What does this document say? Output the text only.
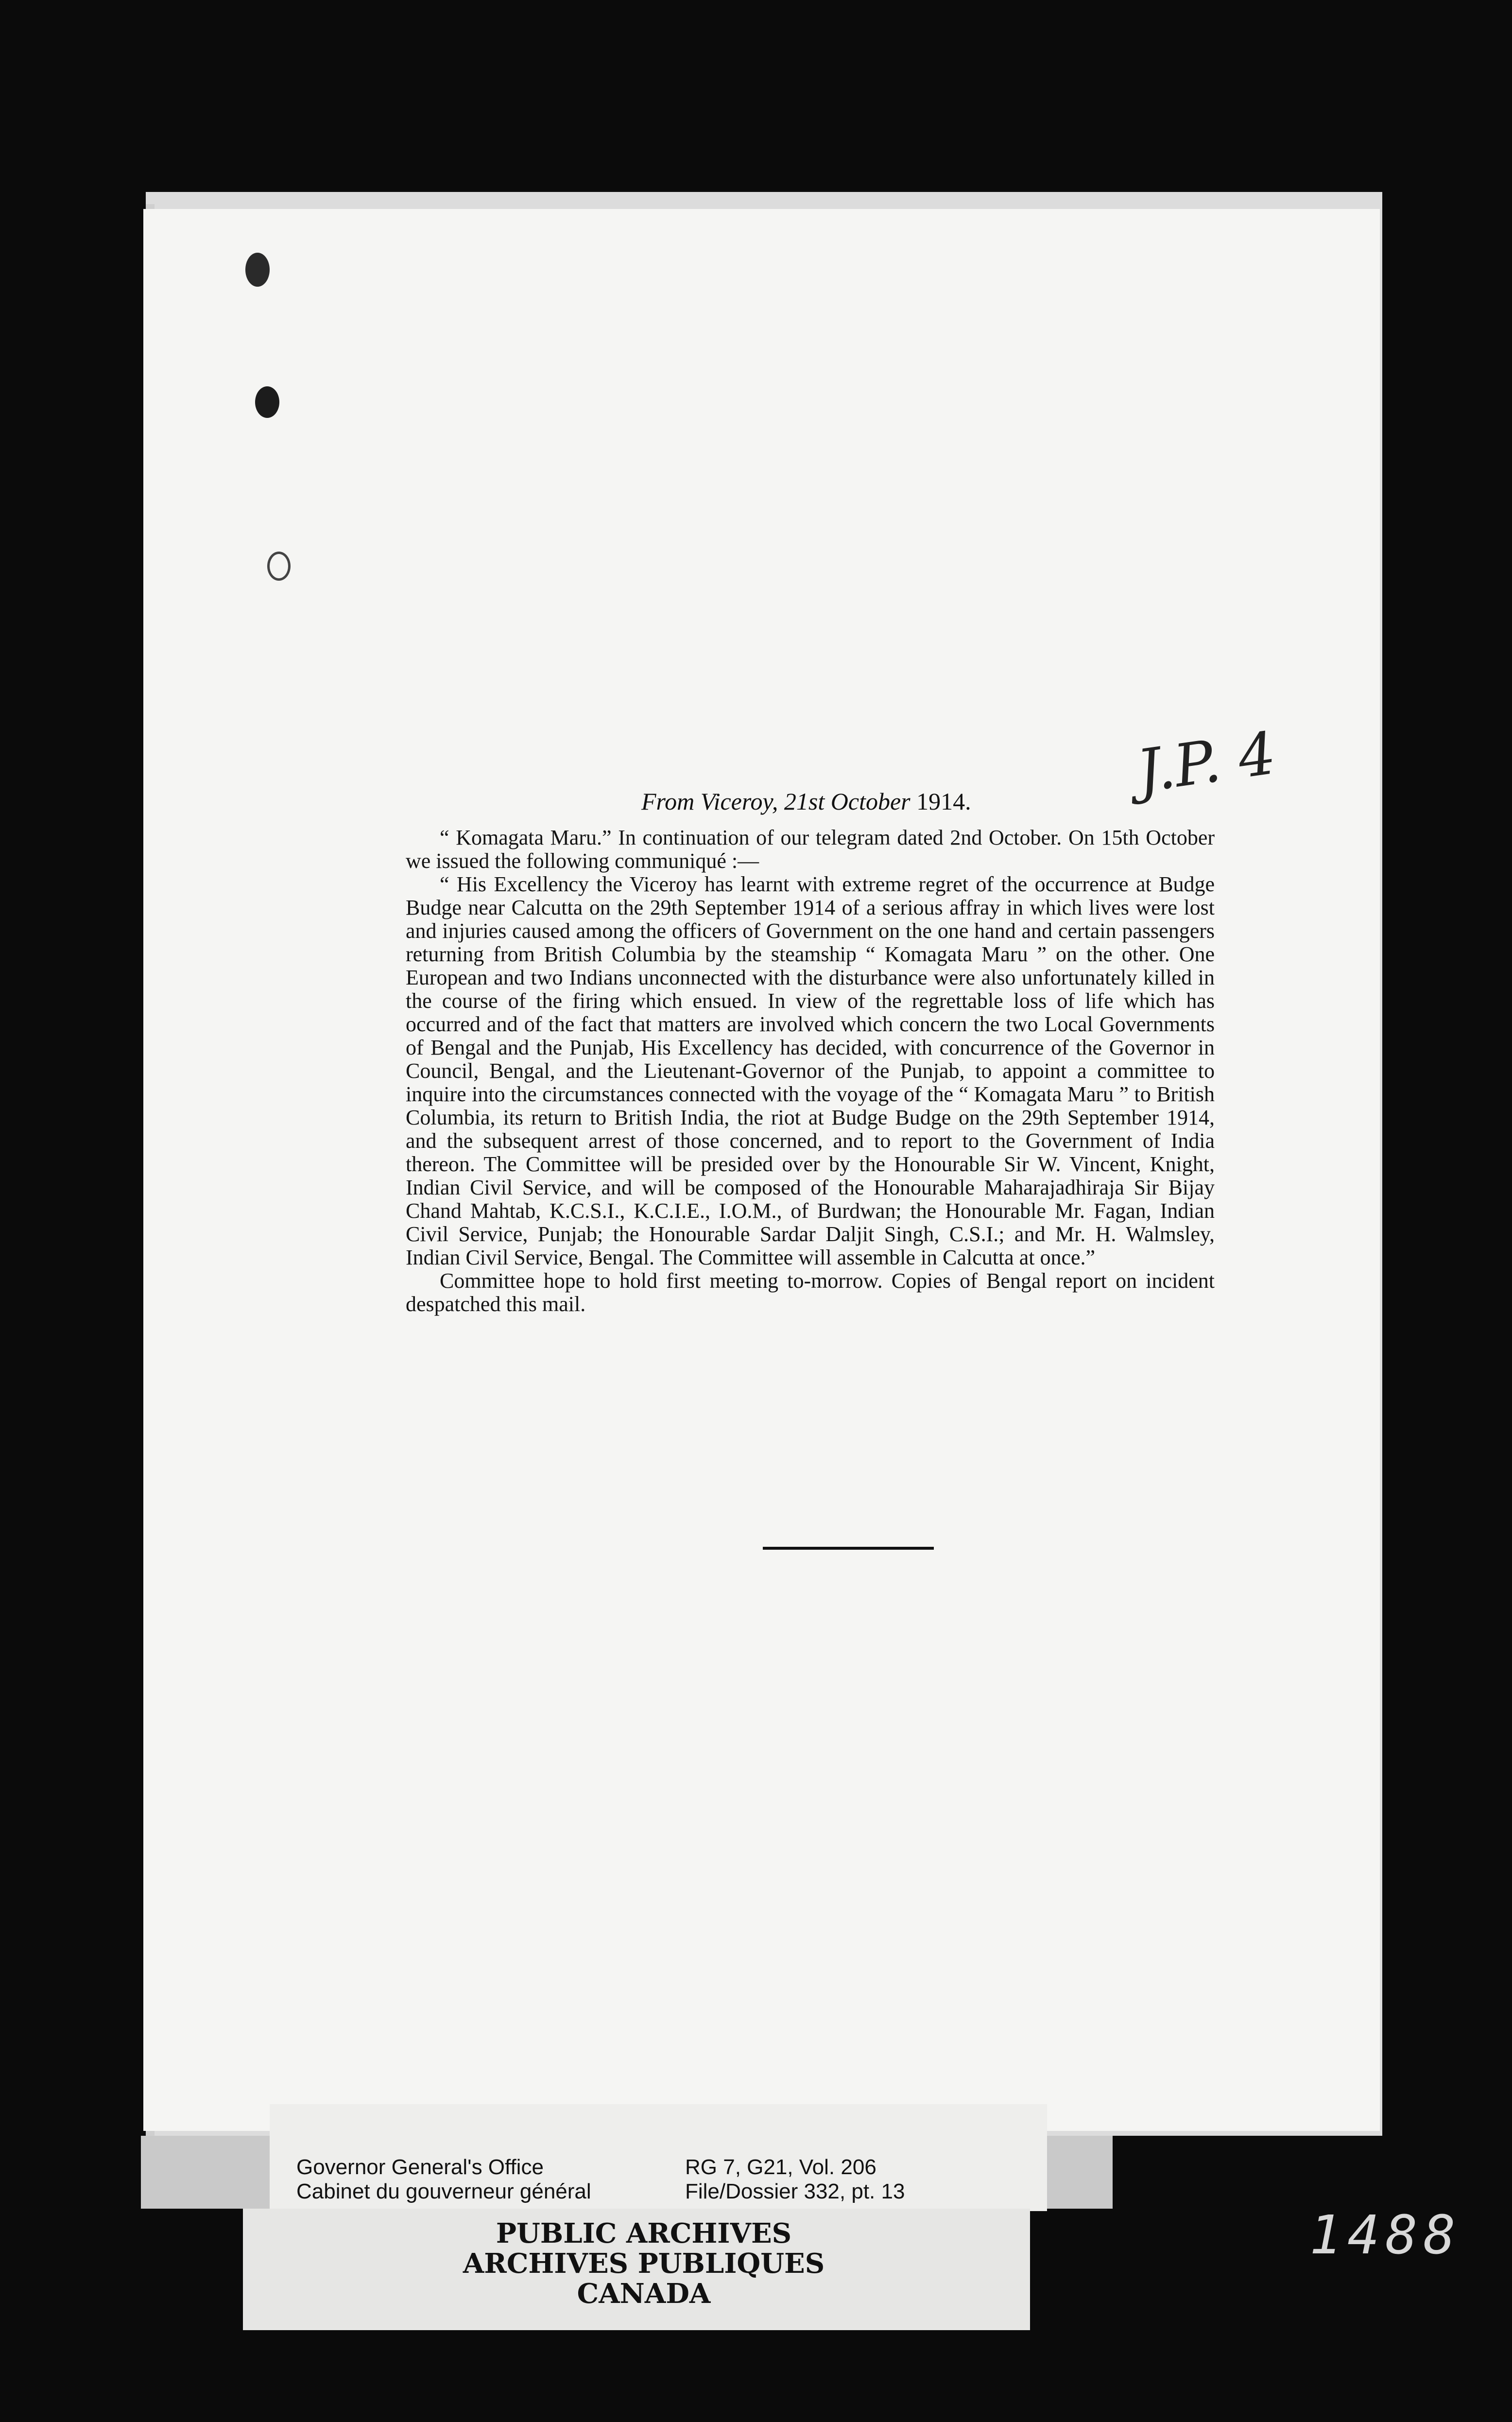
J.P. 4
From Viceroy, 21st October 1914.

“ Komagata Maru.” In continuation of our telegram dated 2nd October. On 15th October we issued the following communiqué :—

“ His Excellency the Viceroy has learnt with extreme regret of the occurrence at Budge Budge near Calcutta on the 29th September 1914 of a serious affray in which lives were lost and injuries caused among the officers of Government on the one hand and certain passengers returning from British Columbia by the steamship “ Komagata Maru ” on the other. One European and two Indians unconnected with the disturbance were also unfortunately killed in the course of the firing which ensued. In view of the regrettable loss of life which has occurred and of the fact that matters are involved which concern the two Local Governments of Bengal and the Punjab, His Excellency has decided, with concurrence of the Governor in Council, Bengal, and the Lieutenant-Governor of the Punjab, to appoint a committee to inquire into the circumstances connected with the voyage of the “ Komagata Maru ” to British Columbia, its return to British India, the riot at Budge Budge on the 29th September 1914, and the subsequent arrest of those concerned, and to report to the Government of India thereon. The Committee will be presided over by the Honourable Sir W. Vincent, Knight, Indian Civil Service, and will be composed of the Honourable Maharajadhiraja Sir Bijay Chand Mahtab, K.C.S.I., K.C.I.E., I.O.M., of Burdwan; the Honourable Mr. Fagan, Indian Civil Service, Punjab; the Honourable Sardar Daljit Singh, C.S.I.; and Mr. H. Walmsley, Indian Civil Service, Bengal. The Committee will assemble in Calcutta at once.”

Committee hope to hold first meeting to-morrow. Copies of Bengal report on incident despatched this mail.

Governor General's Office
Cabinet du gouverneur général
RG 7, G21, Vol. 206
File/Dossier 332, pt. 13
PUBLIC ARCHIVES
ARCHIVES PUBLIQUES
CANADA
1488
